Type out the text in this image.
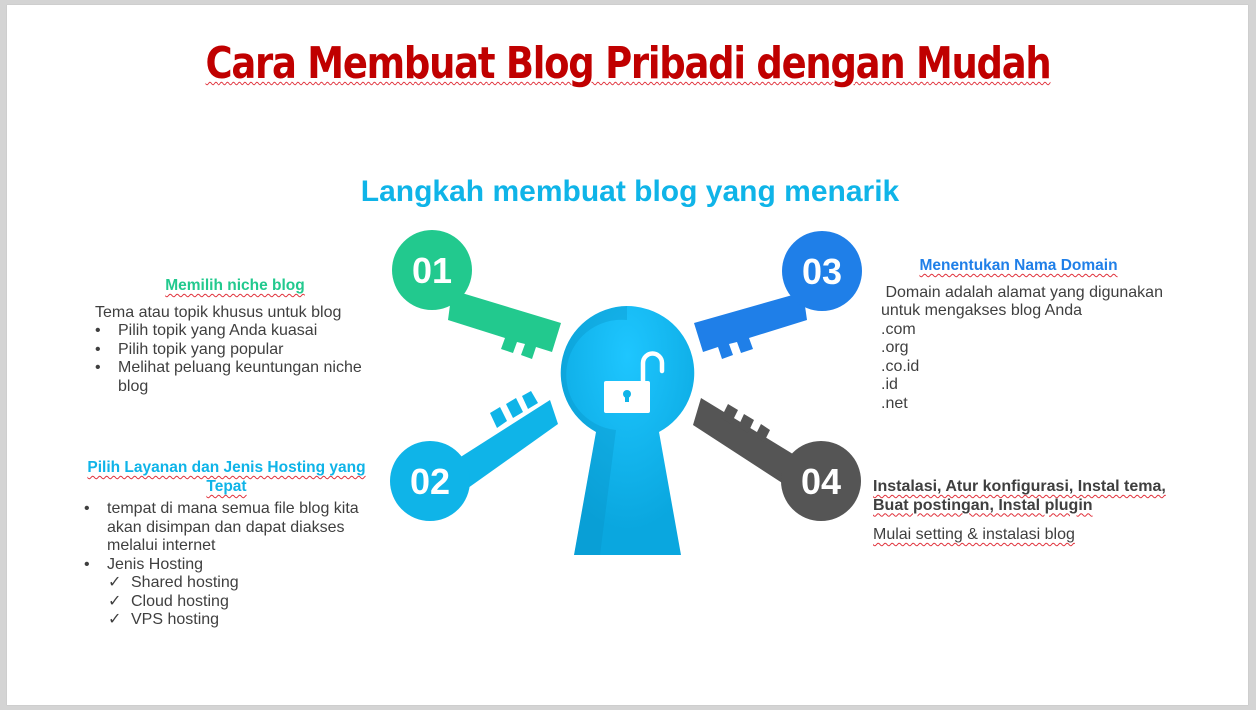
Cara Membuat Blog Pribadi dengan Mudah
Langkah membuat blog yang menarik
01
02
03
04
Memilih niche blog
Tema atau topik khusus untuk blog
• Pilih topik yang Anda kuasai
• Pilih topik yang popular
• Melihat peluang keuntungan niche blog
Pilih Layanan dan Jenis Hosting yang Tepat
• tempat di mana semua file blog kita akan disimpan dan dapat diakses melalui internet
• Jenis Hosting
✓ Shared hosting
✓ Cloud hosting
✓ VPS hosting
Menentukan Nama Domain
Domain adalah alamat yang digunakan untuk mengakses blog Anda
.com
.org
.co.id
.id
.net
Instalasi, Atur konfigurasi, Instal tema, Buat postingan, Instal plugin
Mulai setting & instalasi blog
